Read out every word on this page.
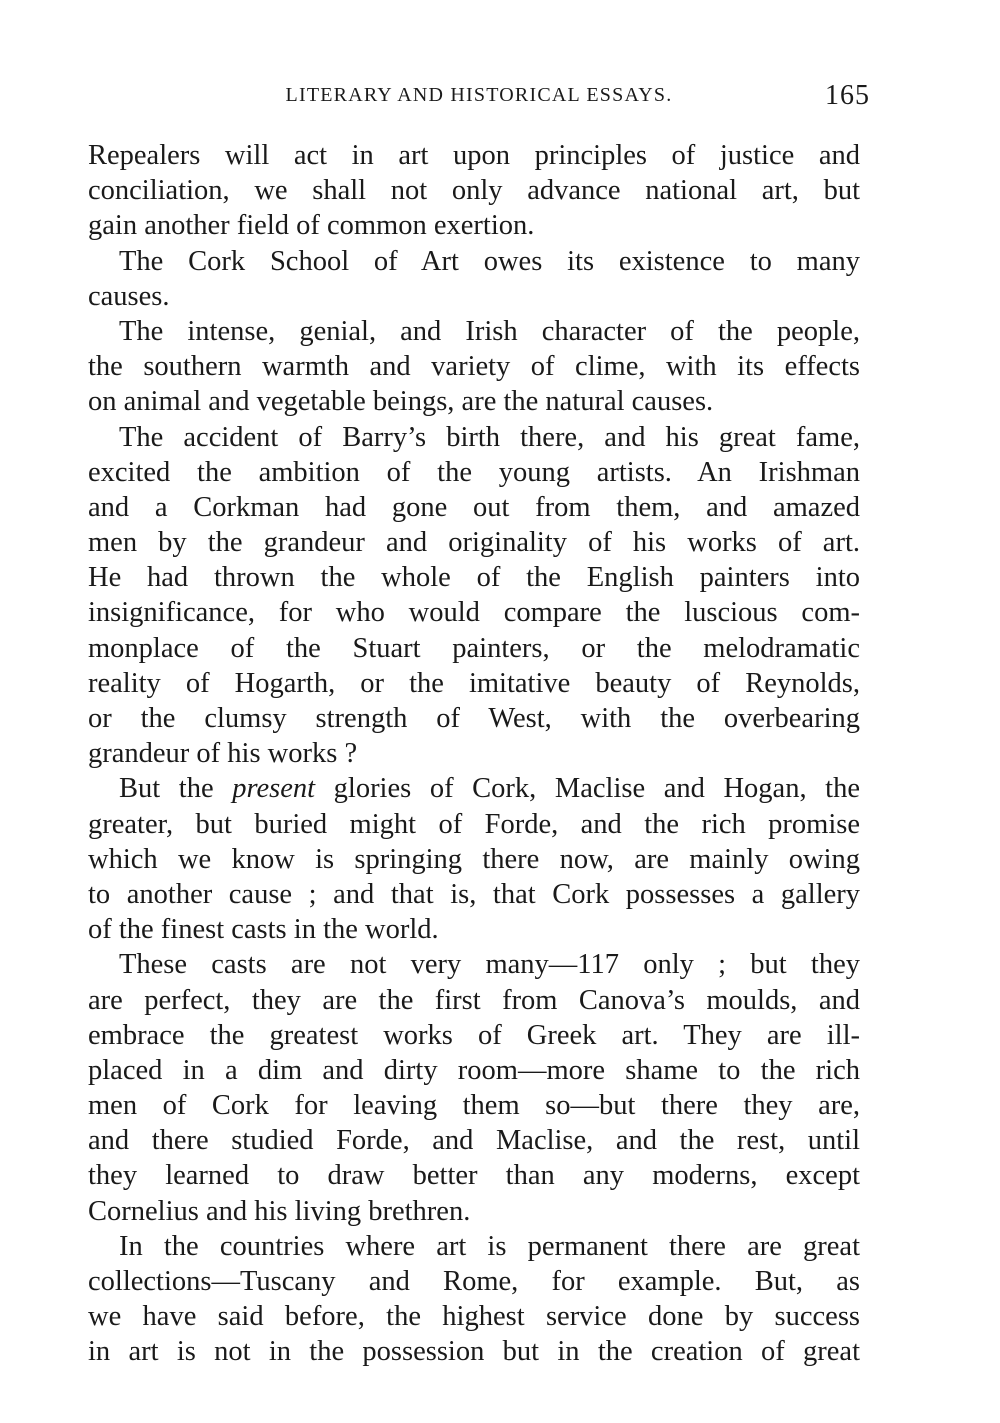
LITERARY AND HISTORICAL ESSAYS.	165
Repealers will act in art upon principles of justice and
conciliation, we shall not only advance national art, but
gain another field of common exertion.
The Cork School of Art owes its existence to many
causes.
The intense, genial, and Irish character of the people,
the southern warmth and variety of clime, with its effects
on animal and vegetable beings, are the natural causes.
The accident of Barry’s birth there, and his great fame,
excited the ambition of the young artists. An Irishman
and a Corkman had gone out from them, and amazed
men by the grandeur and originality of his works of art.
He had thrown the whole of the English painters into
insignificance, for who would compare the luscious com-
monplace of the Stuart painters, or the melodramatic
reality of Hogarth, or the imitative beauty of Reynolds,
or the clumsy strength of West, with the overbearing
grandeur of his works ?
But the present glories of Cork, Maclise and Hogan, the
greater, but buried might of Forde, and the rich promise
which we know is springing there now, are mainly owing
to another cause ; and that is, that Cork possesses a gallery
of the finest casts in the world.
These casts are not very many—117 only ; but they
are perfect, they are the first from Canova’s moulds, and
embrace the greatest works of Greek art. They are ill-
placed in a dim and dirty room—more shame to the rich
men of Cork for leaving them so—but there they are,
and there studied Forde, and Maclise, and the rest, until
they learned to draw better than any moderns, except
Cornelius and his living brethren.
In the countries where art is permanent there are great
collections—Tuscany and Rome, for example. But, as
we have said before, the highest service done by success
in art is not in the possession but in the creation of great
